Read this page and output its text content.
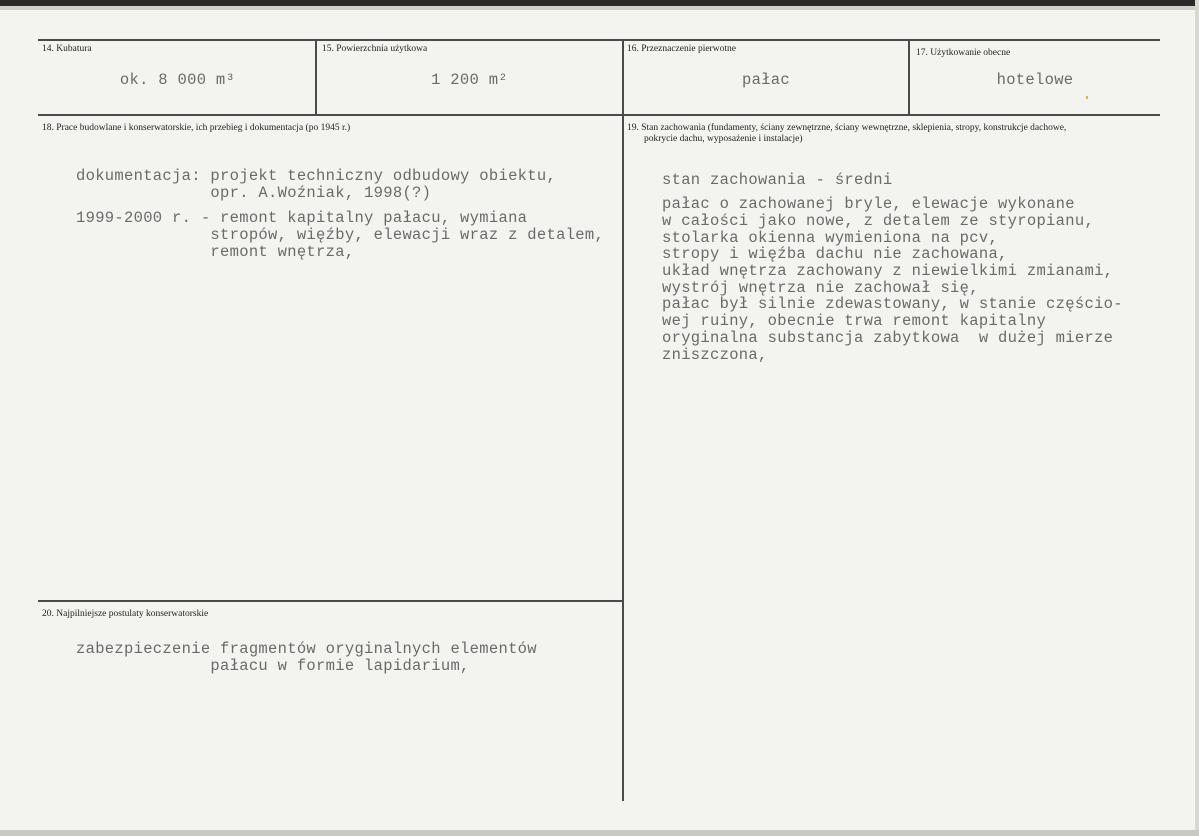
14. Kubatura
ok. 8 000 m³
15. Powierzchnia użytkowa
1 200 m²
16. Przeznaczenie pierwotne
pałac
17. Użytkowanie obecne
hotelowe
18. Prace budowlane i konserwatorskie, ich przebieg i dokumentacja (po 1945 r.)
dokumentacja: projekt techniczny odbudowy obiektu,
opr. A.Woźniak, 1998(?)
1999-2000 r. - remont kapitalny pałacu, wymiana
stropów, więźby, elewacji wraz z detalem,
remont wnętrza,
19. Stan zachowania (fundamenty, ściany zewnętrzne, ściany wewnętrzne, sklepienia, stropy, konstrukcje dachowe,
pokrycie dachu, wyposażenie i instalacje)
stan zachowania - średni
pałac o zachowanej bryle, elewacje wykonane
w całości jako nowe, z detalem ze styropianu,
stolarka okienna wymieniona na pcv,
stropy i więźba dachu nie zachowana,
układ wnętrza zachowany z niewielkimi zmianami,
wystrój wnętrza nie zachował się,
pałac był silnie zdewastowany, w stanie częścio-
wej ruiny, obecnie trwa remont kapitalny
oryginalna substancja zabytkowa  w dużej mierze
zniszczona,
20. Najpilniejsze postulaty konserwatorskie
zabezpieczenie fragmentów oryginalnych elementów
pałacu w formie lapidarium,
